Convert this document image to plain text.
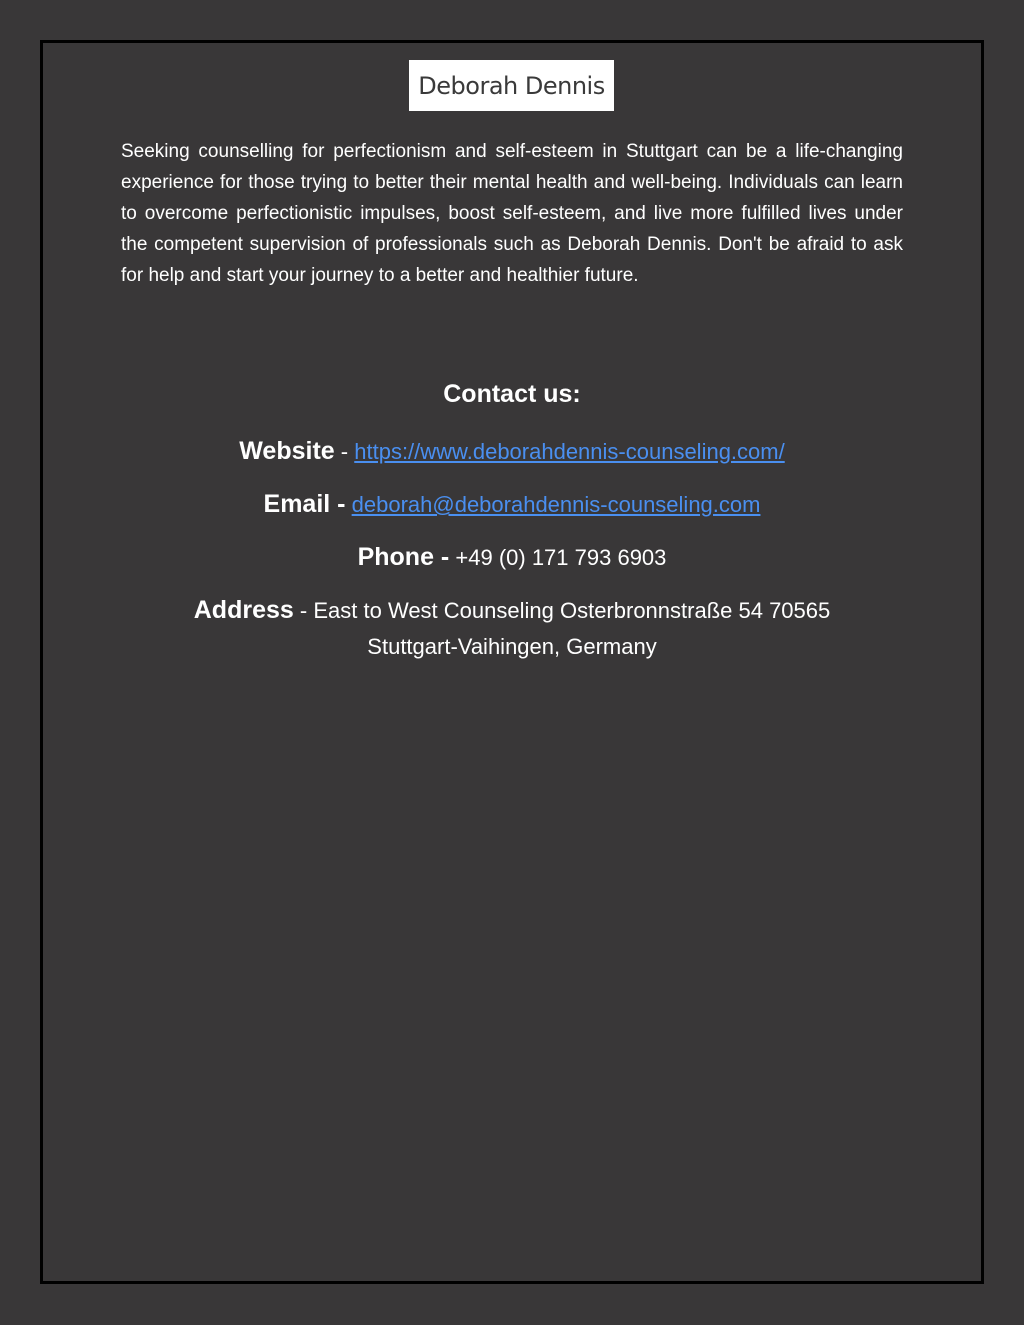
Deborah Dennis

Seeking counselling for perfectionism and self-esteem in Stuttgart can be a life-changing experience for those trying to better their mental health and well-being. Individuals can learn to overcome perfectionistic impulses, boost self-esteem, and live more fulfilled lives under the competent supervision of professionals such as Deborah Dennis. Don't be afraid to ask for help and start your journey to a better and healthier future.

Contact us:

Website - https://www.deborahdennis-counseling.com/

Email - deborah@deborahdennis-counseling.com

Phone - +49 (0) 171 793 6903

Address - East to West Counseling Osterbronnstraße 54 70565
Stuttgart-Vaihingen, Germany
